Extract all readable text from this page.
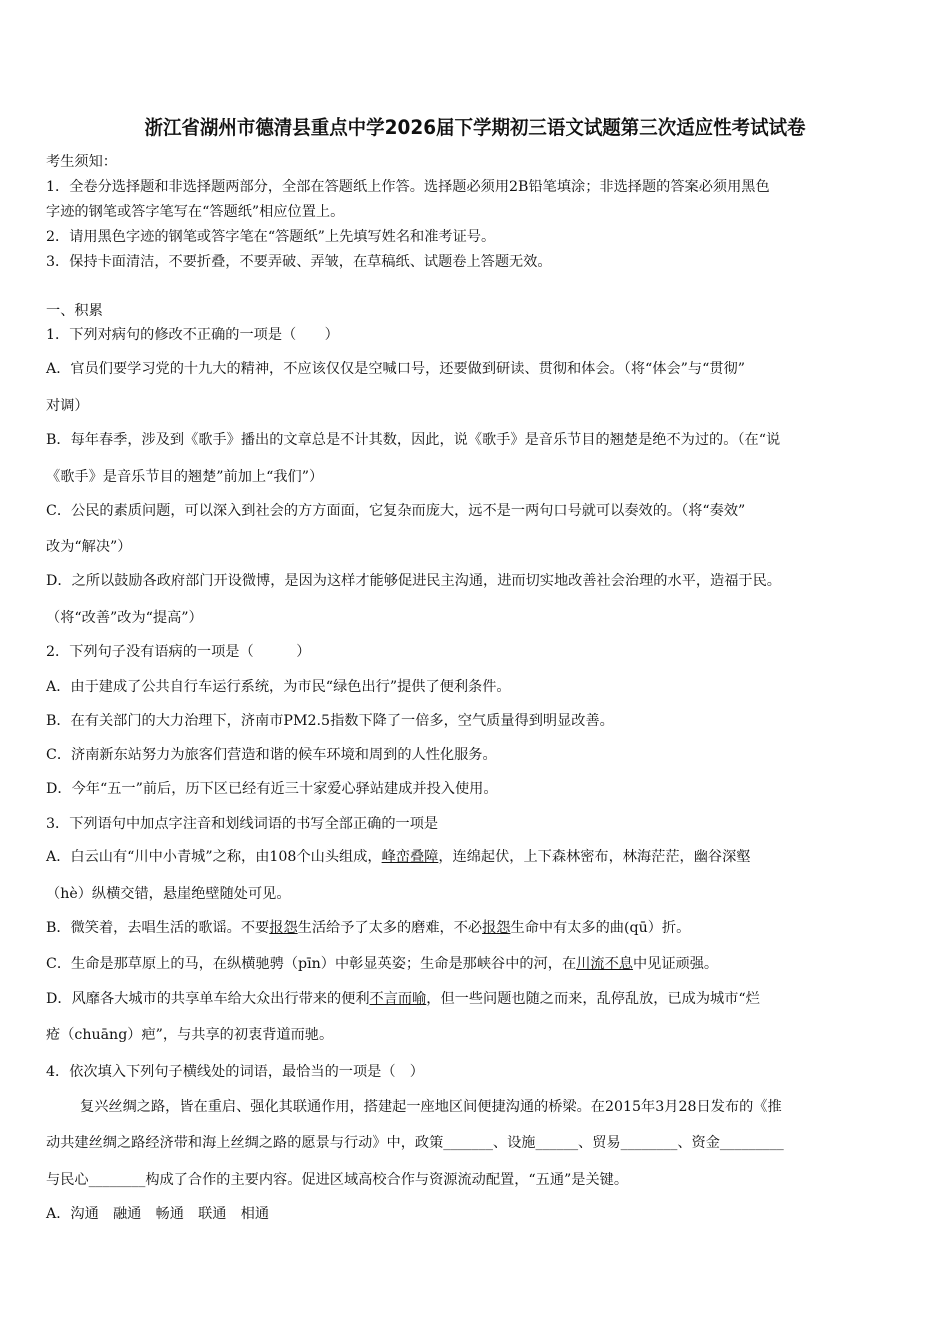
浙江省湖州市德清县重点中学2026届下学期初三语文试题第三次适应性考试试卷
考生须知：
1．全卷分选择题和非选择题两部分，全部在答题纸上作答。选择题必须用2B铅笔填涂；非选择题的答案必须用黑色
字迹的钢笔或答字笔写在“答题纸”相应位置上。
2．请用黑色字迹的钢笔或答字笔在“答题纸”上先填写姓名和准考证号。
3．保持卡面清洁，不要折叠，不要弄破、弄皱，在草稿纸、试题卷上答题无效。
一、积累
1．下列对病句的修改不正确的一项是（　　）
A．官员们要学习党的十九大的精神，不应该仅仅是空喊口号，还要做到研读、贯彻和体会。（将“体会”与“贯彻”
对调）
B．每年春季，涉及到《歌手》播出的文章总是不计其数，因此，说《歌手》是音乐节目的翘楚是绝不为过的。（在“说
《歌手》是音乐节目的翘楚”前加上“我们”）
C．公民的素质问题，可以深入到社会的方方面面，它复杂而庞大，远不是一两句口号就可以奏效的。（将“奏效”
改为“解决”）
D．之所以鼓励各政府部门开设微博，是因为这样才能够促进民主沟通，进而切实地改善社会治理的水平，造福于民。
（将“改善”改为“提高”）
2．下列句子没有语病的一项是（　　　）
A．由于建成了公共自行车运行系统，为市民“绿色出行”提供了便利条件。
B．在有关部门的大力治理下，济南市PM2.5指数下降了一倍多，空气质量得到明显改善。
C．济南新东站努力为旅客们营造和谐的候车环境和周到的人性化服务。
D．今年“五一”前后，历下区已经有近三十家爱心驿站建成并投入使用。
3．下列语句中加点字注音和划线词语的书写全部正确的一项是
A．白云山有“川中小青城”之称，由108个山头组成，峰峦叠障，连绵起伏，上下森林密布，林海茫茫，幽谷深壑
（hè）纵横交错，悬崖绝壁随处可见。
B．微笑着，去唱生活的歌谣。不要报怨生活给予了太多的磨难，不必报怨生命中有太多的曲(qū）折。
C．生命是那草原上的马，在纵横驰骋（pīn）中彰显英姿；生命是那峡谷中的河，在川流不息中见证顽强。
D．风靡各大城市的共享单车给大众出行带来的便利不言而喻，但一些问题也随之而来，乱停乱放，已成为城市“烂
疮（chuāng）疤”，与共享的初衷背道而驰。
4．依次填入下列句子横线处的词语，最恰当的一项是（　）
复兴丝绸之路，皆在重启、强化其联通作用，搭建起一座地区间便捷沟通的桥梁。在2015年3月28日发布的《推
动共建丝绸之路经济带和海上丝绸之路的愿景与行动》中，政策_______、设施______、贸易________、资金_________
与民心________构成了合作的主要内容。促进区域高校合作与资源流动配置，“五通”是关键。
A．沟通　融通　畅通　联通　相通
